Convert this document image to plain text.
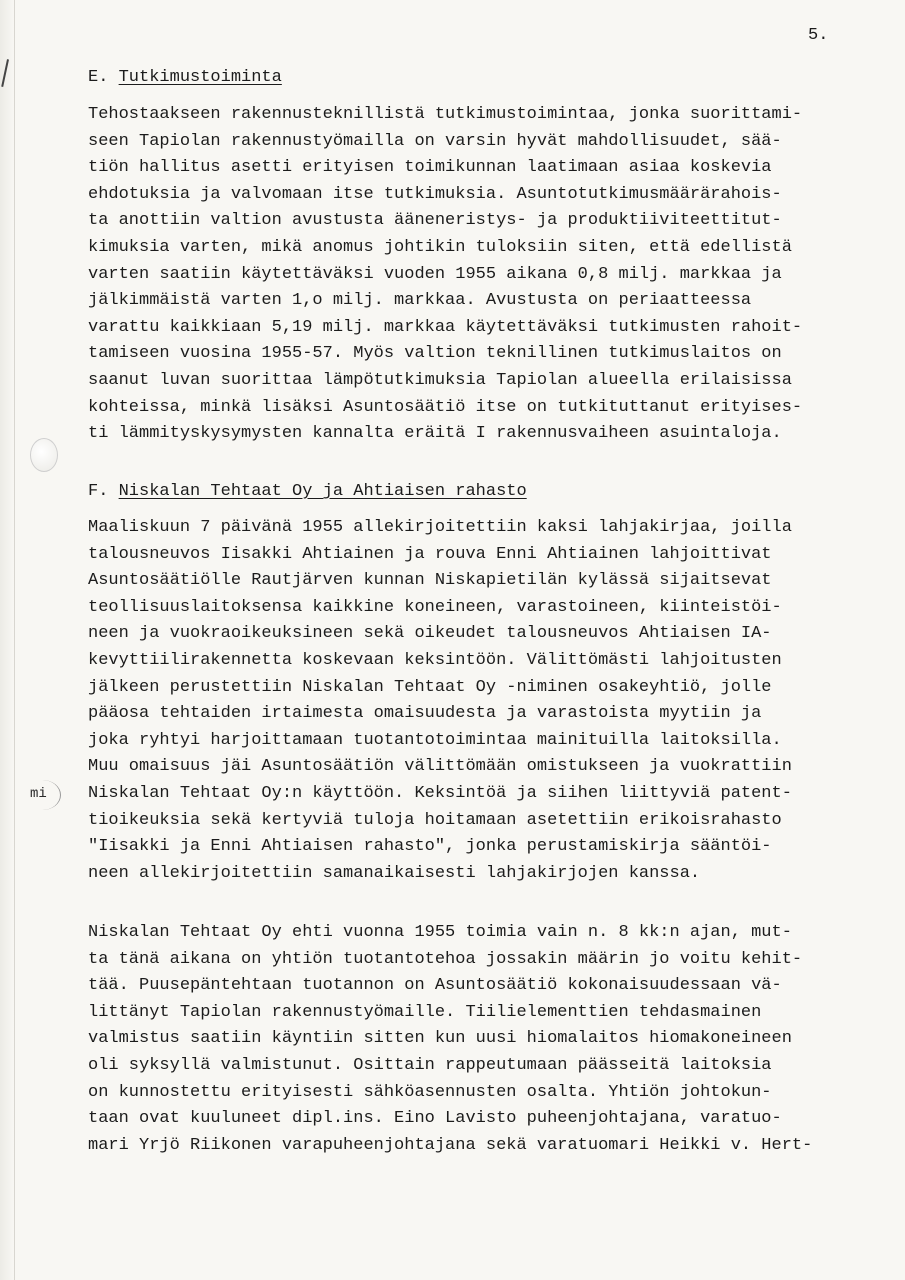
5.
mi
E. Tutkimustoiminta

Tehostaakseen rakennusteknillistä tutkimustoimintaa, jonka suorittami-
seen Tapiolan rakennustyömailla on varsin hyvät mahdollisuudet, sää-
tiön hallitus asetti erityisen toimikunnan laatimaan asiaa koskevia
ehdotuksia ja valvomaan itse tutkimuksia. Asuntotutkimusmäärärahois-
ta anottiin valtion avustusta ääneneristys- ja produktiiviteettitut-
kimuksia varten, mikä anomus johtikin tuloksiin siten, että edellistä
varten saatiin käytettäväksi vuoden 1955 aikana 0,8 milj. markkaa ja
jälkimmäistä varten 1,o milj. markkaa. Avustusta on periaatteessa
varattu kaikkiaan 5,19 milj. markkaa käytettäväksi tutkimusten rahoit-
tamiseen vuosina 1955-57. Myös valtion teknillinen tutkimuslaitos on
saanut luvan suorittaa lämpötutkimuksia Tapiolan alueella erilaisissa
kohteissa, minkä lisäksi Asuntosäätiö itse on tutkituttanut erityises-
ti lämmityskysymysten kannalta eräitä I rakennusvaiheen asuintaloja.

F. Niskalan Tehtaat Oy ja Ahtiaisen rahasto

Maaliskuun 7 päivänä 1955 allekirjoitettiin kaksi lahjakirjaa, joilla
talousneuvos Iisakki Ahtiainen ja rouva Enni Ahtiainen lahjoittivat
Asuntosäätiölle Rautjärven kunnan Niskapietilän kylässä sijaitsevat
teollisuuslaitoksensa kaikkine koneineen, varastoineen, kiinteistöi-
neen ja vuokraoikeuksineen sekä oikeudet talousneuvos Ahtiaisen IA-
kevyttiilirakennetta koskevaan keksintöön. Välittömästi lahjoitusten
jälkeen perustettiin Niskalan Tehtaat Oy -niminen osakeyhtiö, jolle
pääosa tehtaiden irtaimesta omaisuudesta ja varastoista myytiin ja
joka ryhtyi harjoittamaan tuotantotoimintaa mainituilla laitoksilla.
Muu omaisuus jäi Asuntosäätiön välittömään omistukseen ja vuokrattiin
Niskalan Tehtaat Oy:n käyttöön. Keksintöä ja siihen liittyviä patent-
tioikeuksia sekä kertyviä tuloja hoitamaan asetettiin erikoisrahasto
"Iisakki ja Enni Ahtiaisen rahasto", jonka perustamiskirja sääntöi-
neen allekirjoitettiin samanaikaisesti lahjakirjojen kanssa.

Niskalan Tehtaat Oy ehti vuonna 1955 toimia vain n. 8 kk:n ajan, mut-
ta tänä aikana on yhtiön tuotantotehoa jossakin määrin jo voitu kehit-
tää. Puusepäntehtaan tuotannon on Asuntosäätiö kokonaisuudessaan vä-
littänyt Tapiolan rakennustyömaille. Tiilielementtien tehdasmainen
valmistus saatiin käyntiin sitten kun uusi hiomalaitos hiomakoneineen
oli syksyllä valmistunut. Osittain rappeutumaan päässeitä laitoksia
on kunnostettu erityisesti sähköasennusten osalta. Yhtiön johtokun-
taan ovat kuuluneet dipl.ins. Eino Lavisto puheenjohtajana, varatuo-
mari Yrjö Riikonen varapuheenjohtajana sekä varatuomari Heikki v. Hert-
